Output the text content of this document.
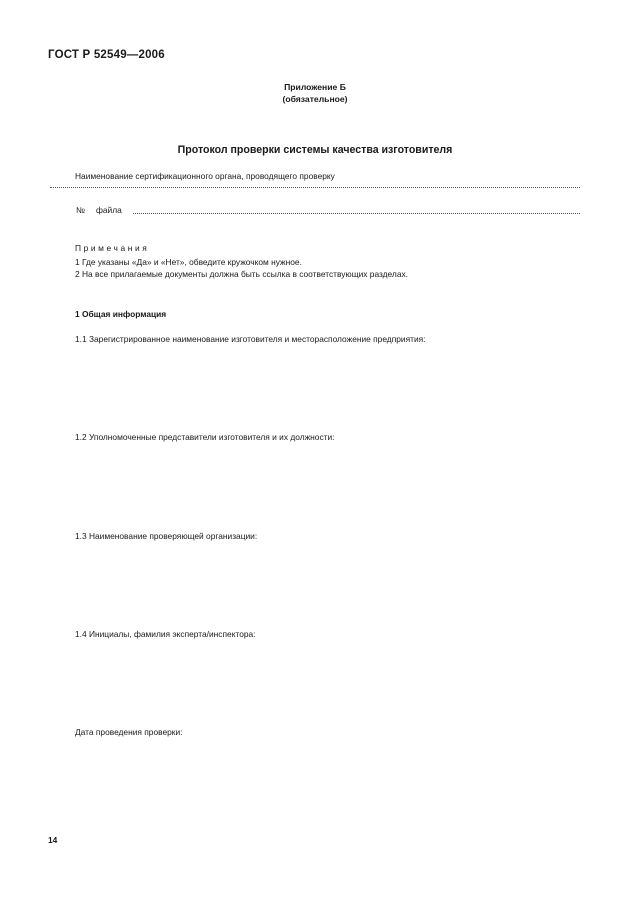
ГОСТ Р 52549—2006
Приложение Б
(обязательное)
Протокол проверки системы качества изготовителя
Наименование сертификационного органа, проводящего проверку
№ файла
Примечания
1 Где указаны «Да» и «Нет», обведите кружочком нужное.
2 На все прилагаемые документы должна быть ссылка в соответствующих разделах.
1 Общая информация
1.1 Зарегистрированное наименование изготовителя и месторасположение предприятия:
1.2 Уполномоченные представители изготовителя и их должности:
1.3 Наименование проверяющей организации:
1.4 Инициалы, фамилия эксперта/инспектора:
Дата проведения проверки:
14
